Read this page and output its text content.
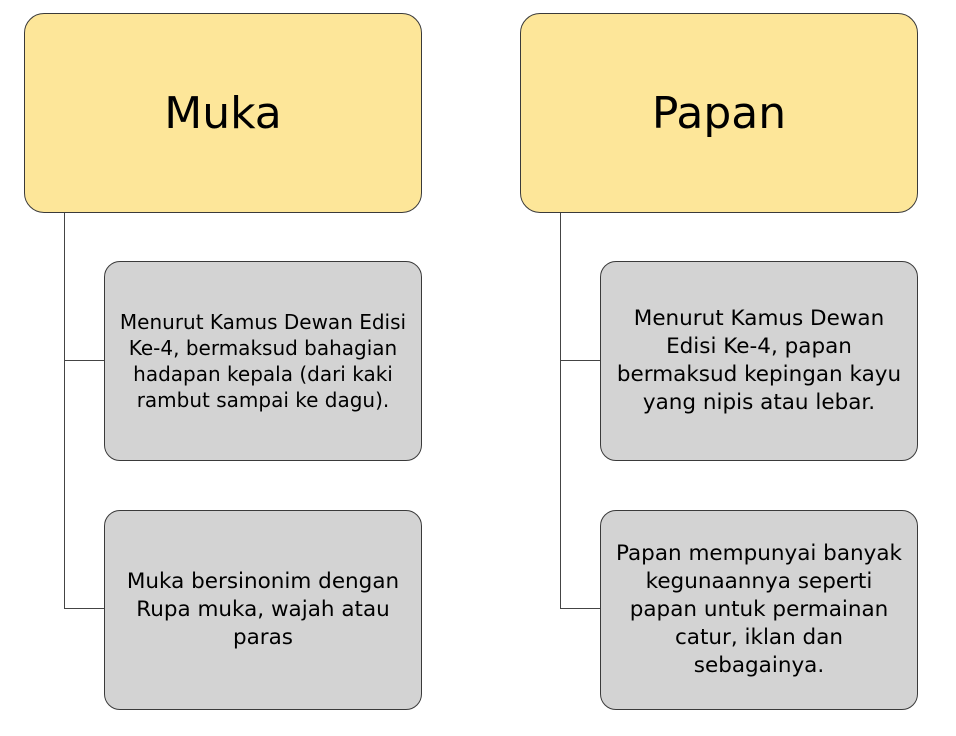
Muka
Menurut Kamus Dewan Edisi Ke-4, bermaksud bahagian hadapan kepala (dari kaki rambut sampai ke dagu).
Muka bersinonim dengan Rupa muka, wajah atau paras
Papan
Menurut Kamus Dewan Edisi Ke-4, papan bermaksud kepingan kayu yang nipis atau lebar.
Papan mempunyai banyak kegunaannya seperti papan untuk permainan catur, iklan dan sebagainya.
